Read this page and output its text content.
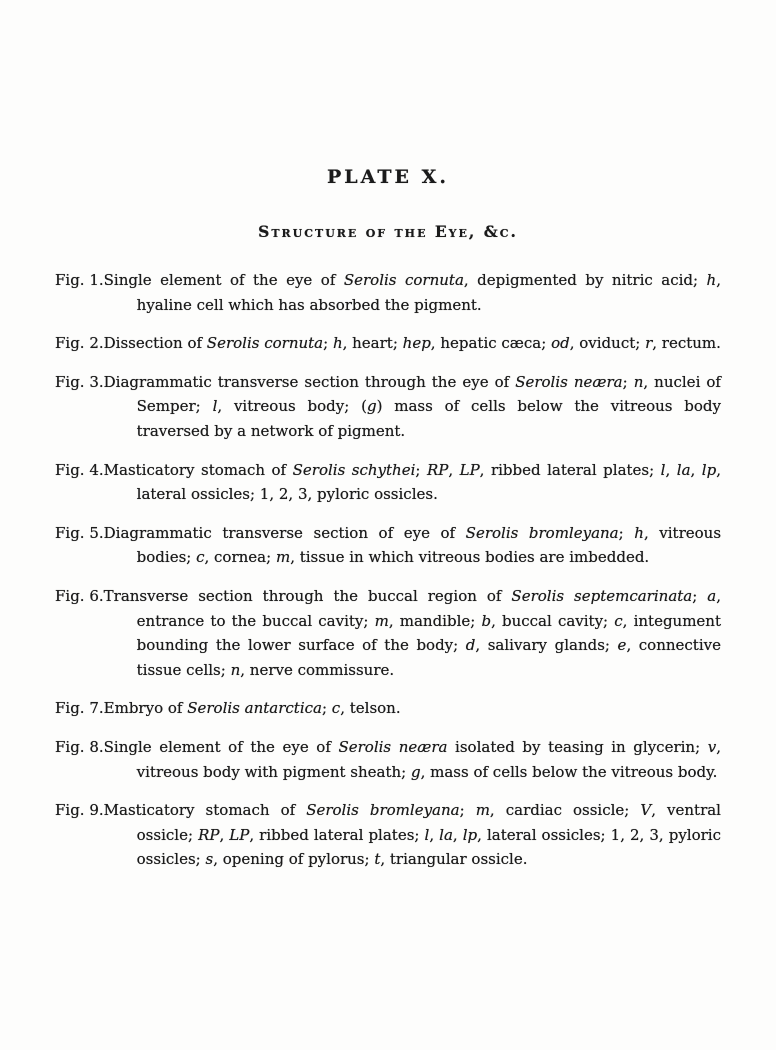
PLATE X.
Structure of the Eye, &c.
Fig. 1. Single element of the eye of Serolis cornuta, depigmented by nitric acid; h, hyaline cell which has absorbed the pigment.

Fig. 2. Dissection of Serolis cornuta; h, heart; hep, hepatic cæca; od, oviduct; r, rectum.

Fig. 3. Diagrammatic transverse section through the eye of Serolis neæra; n, nuclei of Semper; l, vitreous body; (g) mass of cells below the vitreous body traversed by a network of pigment.

Fig. 4. Masticatory stomach of Serolis schythei; RP, LP, ribbed lateral plates; l, la, lp, lateral ossicles; 1, 2, 3, pyloric ossicles.

Fig. 5. Diagrammatic transverse section of eye of Serolis bromleyana; h, vitreous bodies; c, cornea; m, tissue in which vitreous bodies are imbedded.

Fig. 6. Transverse section through the buccal region of Serolis septemcarinata; a, entrance to the buccal cavity; m, mandible; b, buccal cavity; c, integument bounding the lower surface of the body; d, salivary glands; e, connective tissue cells; n, nerve commissure.

Fig. 7. Embryo of Serolis antarctica; c, telson.

Fig. 8. Single element of the eye of Serolis neæra isolated by teasing in glycerin; v, vitreous body with pigment sheath; g, mass of cells below the vitreous body.

Fig. 9. Masticatory stomach of Serolis bromleyana; m, cardiac ossicle; V, ventral ossicle; RP, LP, ribbed lateral plates; l, la, lp, lateral ossicles; 1, 2, 3, pyloric ossicles; s, opening of pylorus; t, triangular ossicle.
